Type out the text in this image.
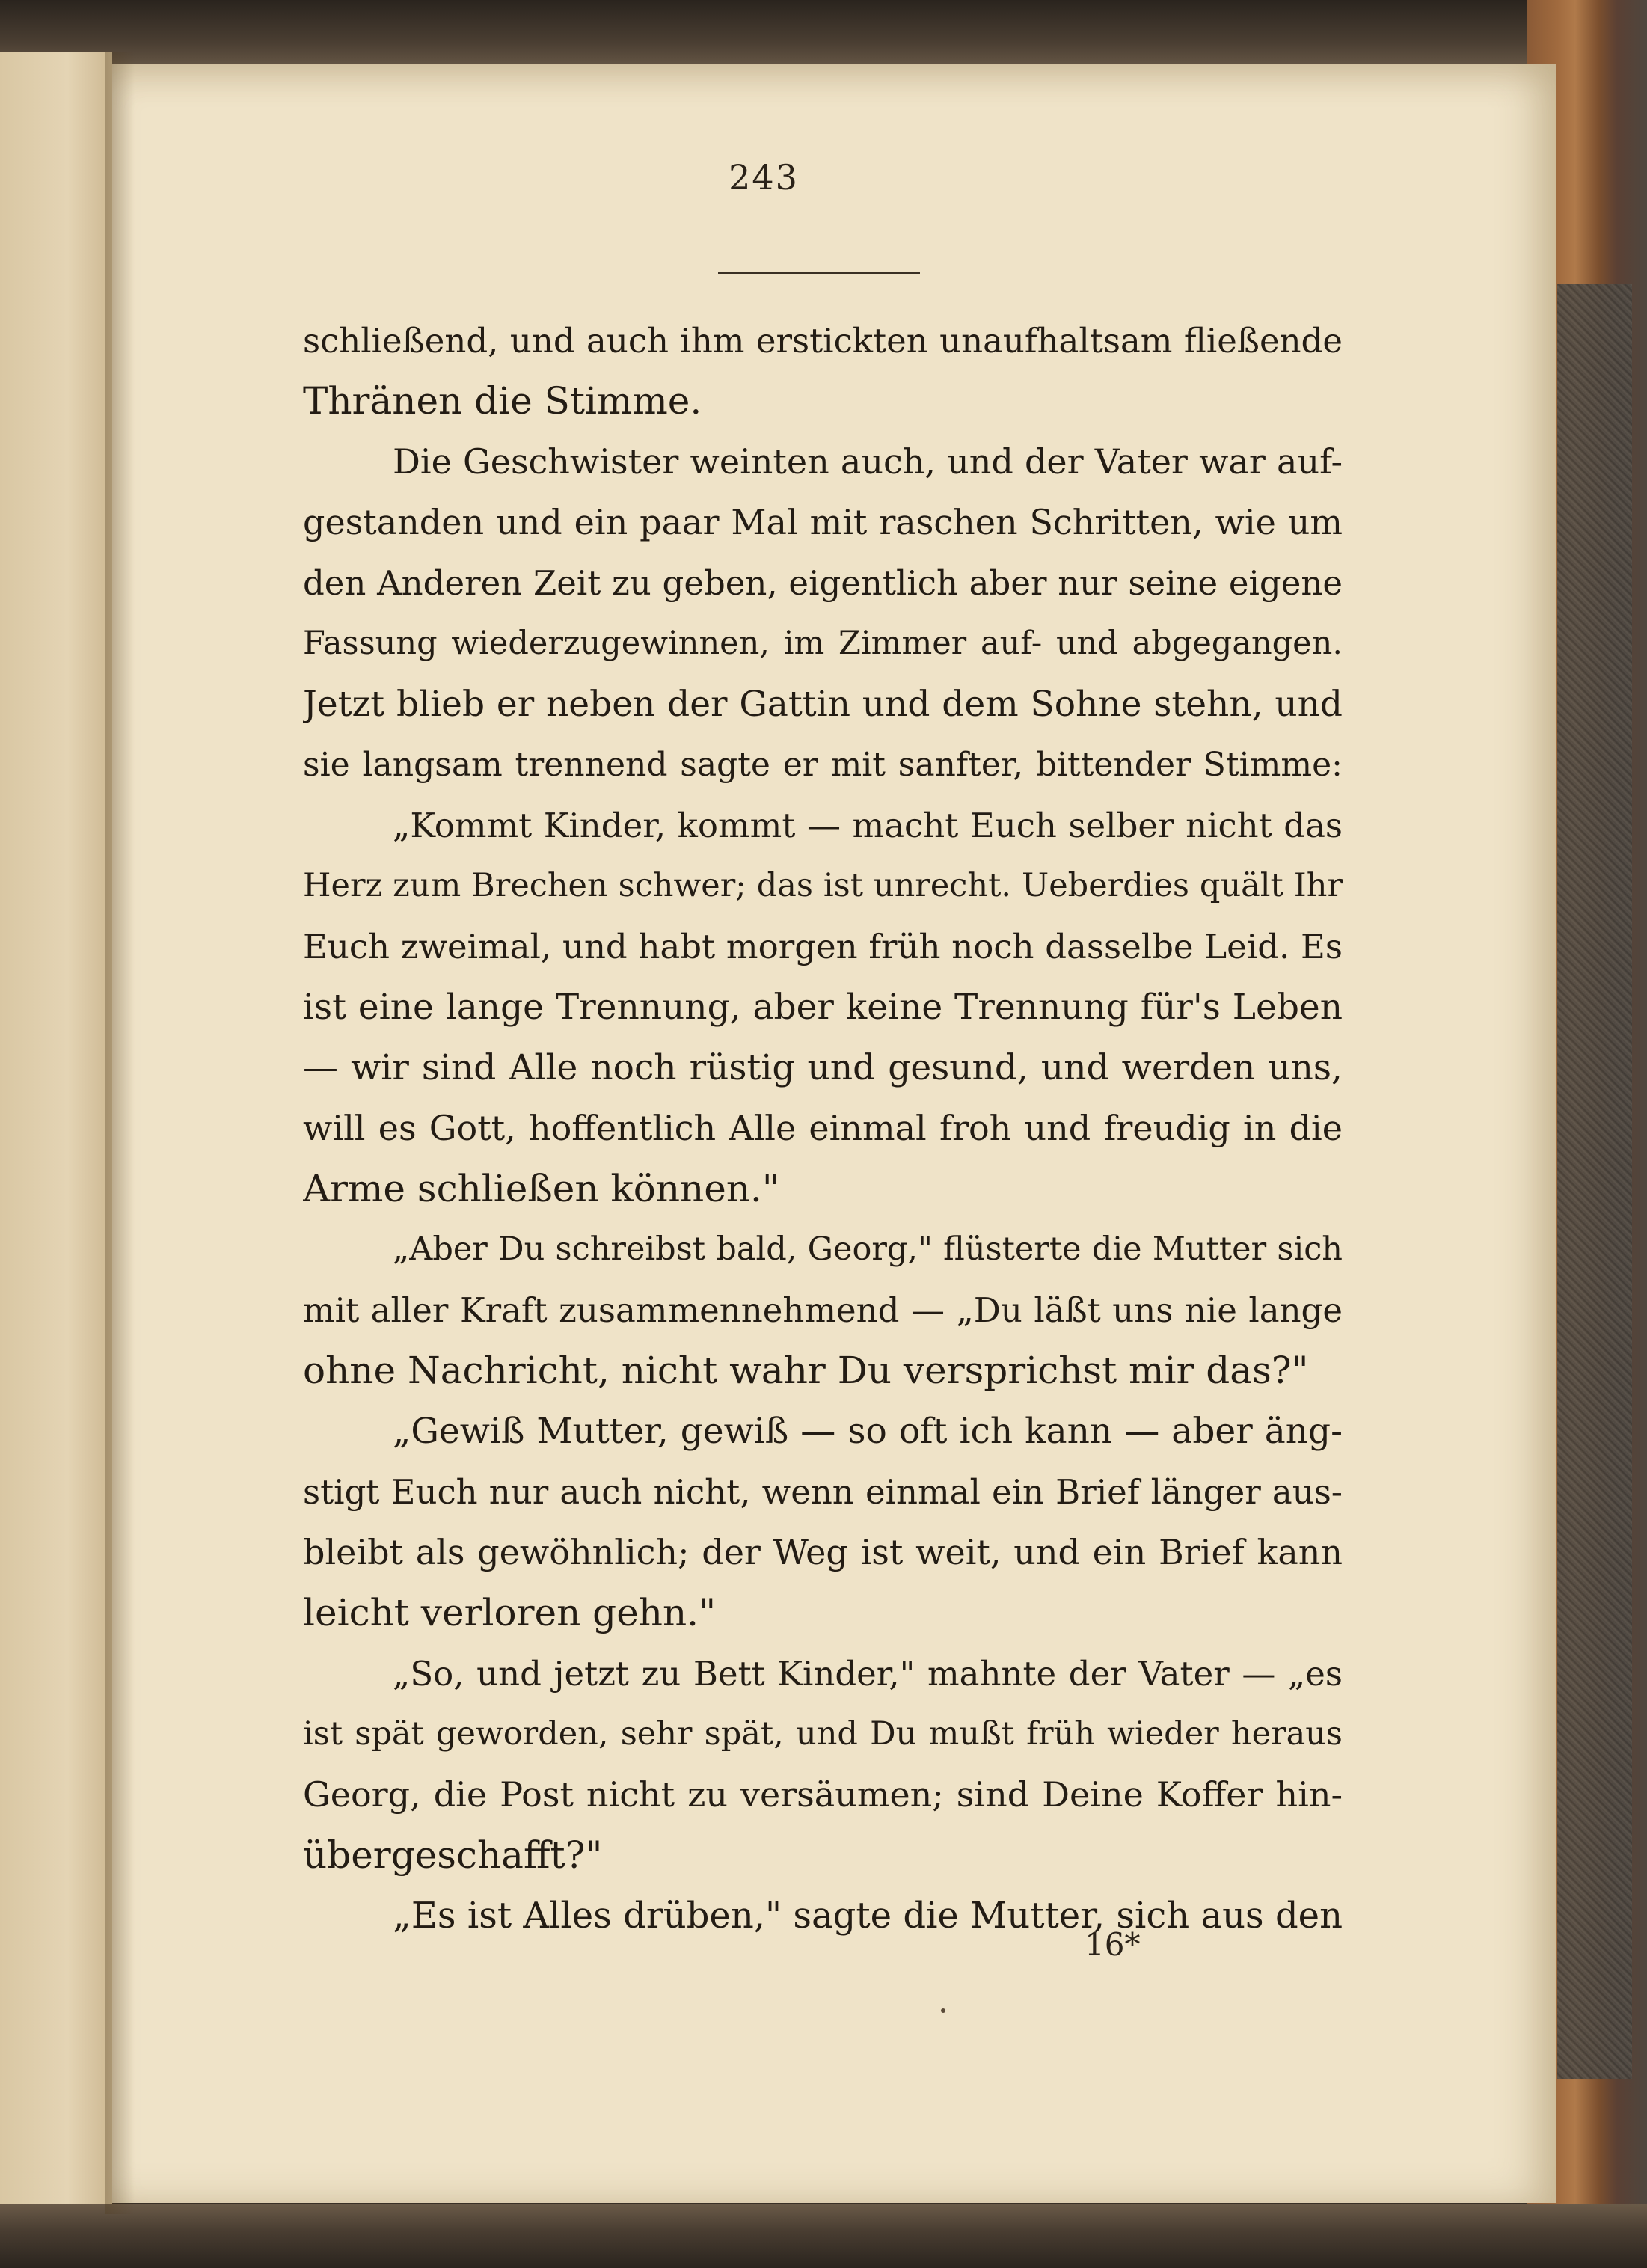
243
schließend, und auch ihm erstickten unaufhaltsam fließende
Thränen die Stimme.
Die Geschwister weinten auch, und der Vater war auf-
gestanden und ein paar Mal mit raschen Schritten, wie um
den Anderen Zeit zu geben, eigentlich aber nur seine eigene
Fassung wiederzugewinnen, im Zimmer auf- und abgegangen.
Jetzt blieb er neben der Gattin und dem Sohne stehn, und
sie langsam trennend sagte er mit sanfter, bittender Stimme:
„Kommt Kinder, kommt — macht Euch selber nicht das
Herz zum Brechen schwer; das ist unrecht. Ueberdies quält Ihr
Euch zweimal, und habt morgen früh noch dasselbe Leid. Es
ist eine lange Trennung, aber keine Trennung für's Leben
— wir sind Alle noch rüstig und gesund, und werden uns,
will es Gott, hoffentlich Alle einmal froh und freudig in die
Arme schließen können."
„Aber Du schreibst bald, Georg," flüsterte die Mutter sich
mit aller Kraft zusammennehmend — „Du läßt uns nie lange
ohne Nachricht, nicht wahr Du versprichst mir das?"
„Gewiß Mutter, gewiß — so oft ich kann — aber äng-
stigt Euch nur auch nicht, wenn einmal ein Brief länger aus-
bleibt als gewöhnlich; der Weg ist weit, und ein Brief kann
leicht verloren gehn."
„So, und jetzt zu Bett Kinder," mahnte der Vater — „es
ist spät geworden, sehr spät, und Du mußt früh wieder heraus
Georg, die Post nicht zu versäumen; sind Deine Koffer hin-
übergeschafft?"
„Es ist Alles drüben," sagte die Mutter, sich aus den
16*
